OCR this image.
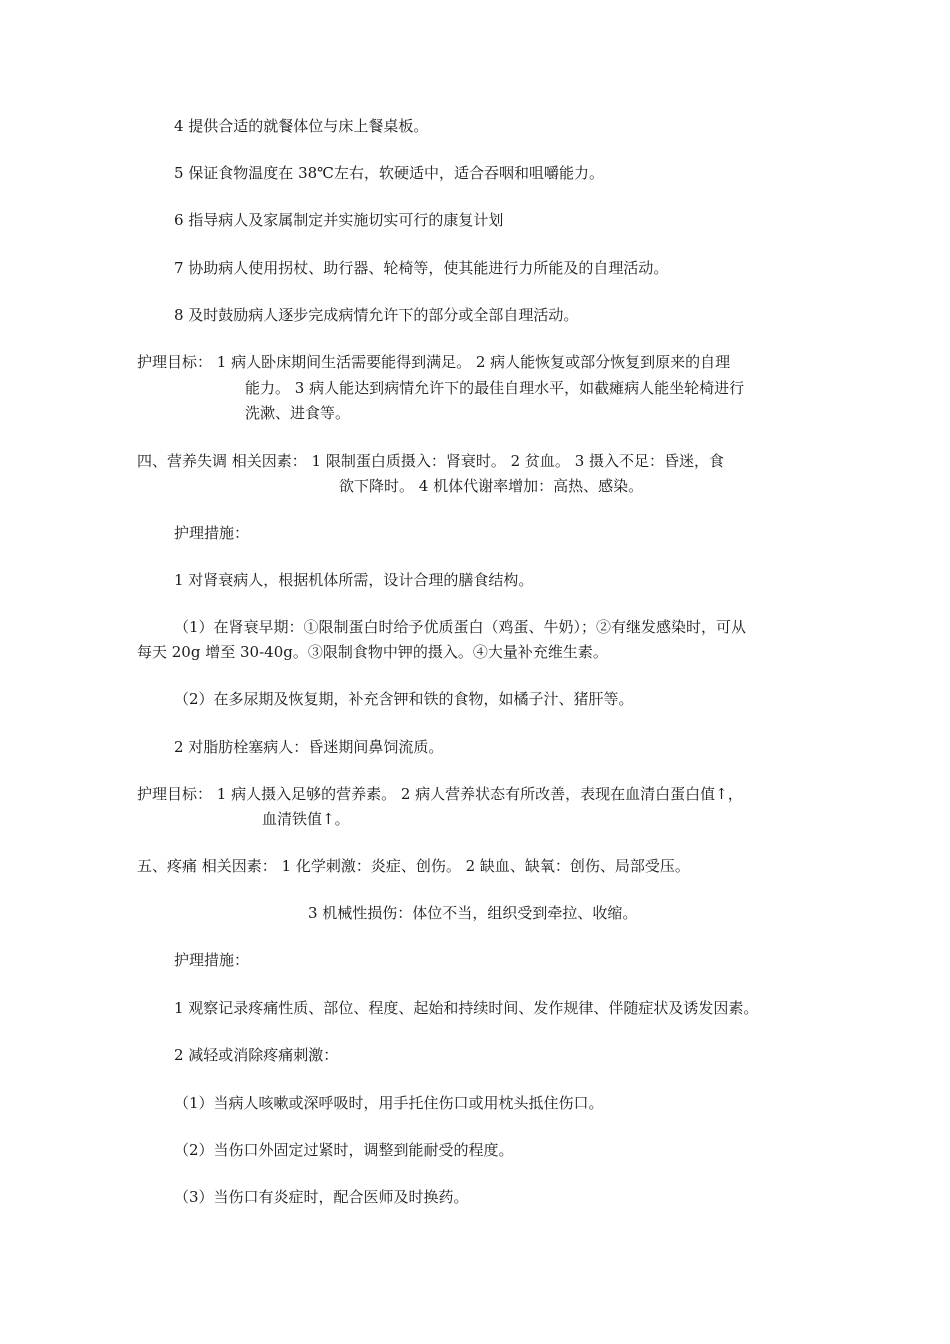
4 提供合适的就餐体位与床上餐桌板。
5 保证食物温度在 38℃左右，软硬适中，适合吞咽和咀嚼能力。
6 指导病人及家属制定并实施切实可行的康复计划
7 协助病人使用拐杖、助行器、轮椅等，使其能进行力所能及的自理活动。
8 及时鼓励病人逐步完成病情允许下的部分或全部自理活动。
护理目标： 1 病人卧床期间生活需要能得到满足。 2 病人能恢复或部分恢复到原来的自理
能力。 3 病人能达到病情允许下的最佳自理水平，如截瘫病人能坐轮椅进行
洗漱、进食等。
四、营养失调 相关因素： 1 限制蛋白质摄入：肾衰时。 2 贫血。 3 摄入不足：昏迷，食
欲下降时。 4 机体代谢率增加：高热、感染。
护理措施：
1 对肾衰病人，根据机体所需，设计合理的膳食结构。
（1）在肾衰早期：①限制蛋白时给予优质蛋白（鸡蛋、牛奶）；②有继发感染时，可从
每天 20g 增至 30-40g。③限制食物中钾的摄入。④大量补充维生素。
（2）在多尿期及恢复期，补充含钾和铁的食物，如橘子汁、猪肝等。
2 对脂肪栓塞病人：昏迷期间鼻饲流质。
护理目标： 1 病人摄入足够的营养素。 2 病人营养状态有所改善，表现在血清白蛋白值↑，
血清铁值↑。
五、疼痛 相关因素： 1 化学刺激：炎症、创伤。 2 缺血、缺氧：创伤、局部受压。
3 机械性损伤：体位不当，组织受到牵拉、收缩。
护理措施：
1 观察记录疼痛性质、部位、程度、起始和持续时间、发作规律、伴随症状及诱发因素。
2 减轻或消除疼痛刺激：
（1）当病人咳嗽或深呼吸时，用手托住伤口或用枕头抵住伤口。
（2）当伤口外固定过紧时，调整到能耐受的程度。
（3）当伤口有炎症时，配合医师及时换药。
